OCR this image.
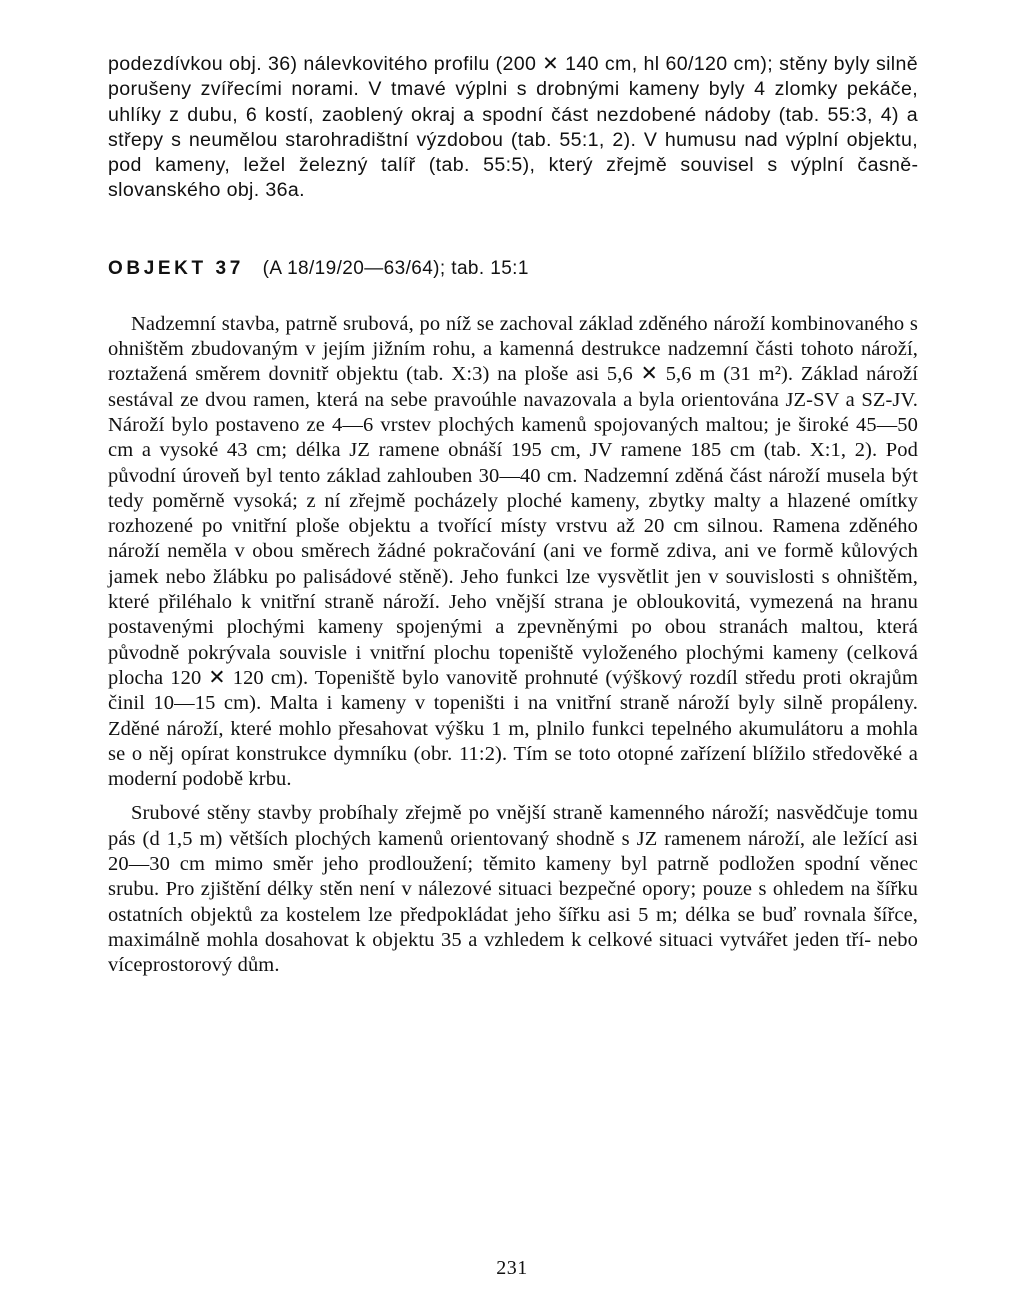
podezdívkou obj. 36) nálevkovitého profilu (200 ✕ 140 cm, hl 60/120 cm); stěny byly silně porušeny zvířecími norami. V tmavé výplni s drobnými kameny byly 4 zlomky pekáče, uhlíky z dubu, 6 kostí, zaoblený okraj a spodní část nezdobené nádoby (tab. 55:3, 4) a střepy s neumělou starohradištní výzdobou (tab. 55:1, 2). V humusu nad výplní objektu, pod kameny, ležel železný talíř (tab. 55:5), který zřejmě souvisel s výplní časněslovanského obj. 36a.

OBJEKT 37 (A 18/19/20—63/64); tab. 15:1

Nadzemní stavba, patrně srubová, po níž se zachoval základ zděného nároží kombinovaného s ohništěm zbudovaným v jejím jižním rohu, a kamenná destrukce nadzemní části tohoto nároží, roztažená směrem dovnitř objektu (tab. X:3) na ploše asi 5,6 ✕ 5,6 m (31 m²). Základ nároží sestával ze dvou ramen, která na sebe pravoúhle navazovala a byla orientována JZ-SV a SZ-JV. Nároží bylo postaveno ze 4—6 vrstev plochých kamenů spojovaných maltou; je široké 45—50 cm a vysoké 43 cm; délka JZ ramene obnáší 195 cm, JV ramene 185 cm (tab. X:1, 2). Pod původní úroveň byl tento základ zahlouben 30—40 cm. Nadzemní zděná část nároží musela být tedy poměrně vysoká; z ní zřejmě pocházely ploché kameny, zbytky malty a hlazené omítky rozhozené po vnitřní ploše objektu a tvořící místy vrstvu až 20 cm silnou. Ramena zděného nároží neměla v obou směrech žádné pokračování (ani ve formě zdiva, ani ve formě kůlových jamek nebo žlábku po palisádové stěně). Jeho funkci lze vysvětlit jen v souvislosti s ohništěm, které přiléhalo k vnitřní straně nároží. Jeho vnější strana je obloukovitá, vymezená na hranu postavenými plochými kameny spojenými a zpevněnými po obou stranách maltou, která původně pokrývala souvisle i vnitřní plochu topeniště vyloženého plochými kameny (celková plocha 120 ✕ 120 cm). Topeniště bylo vanovitě prohnuté (výškový rozdíl středu proti okrajům činil 10—15 cm). Malta i kameny v topeništi i na vnitřní straně nároží byly silně propáleny. Zděné nároží, které mohlo přesahovat výšku 1 m, plnilo funkci tepelného akumulátoru a mohla se o něj opírat konstrukce dymníku (obr. 11:2). Tím se toto otopné zařízení blížilo středověké a moderní podobě krbu.

Srubové stěny stavby probíhaly zřejmě po vnější straně kamenného nároží; nasvědčuje tomu pás (d 1,5 m) větších plochých kamenů orientovaný shodně s JZ ramenem nároží, ale ležící asi 20—30 cm mimo směr jeho prodloužení; těmito kameny byl patrně podložen spodní věnec srubu. Pro zjištění délky stěn není v nálezové situaci bezpečné opory; pouze s ohledem na šířku ostatních objektů za kostelem lze předpokládat jeho šířku asi 5 m; délka se buď rovnala šířce, maximálně mohla dosahovat k objektu 35 a vzhledem k celkové situaci vytvářet jeden tří- nebo víceprostorový dům.

231
